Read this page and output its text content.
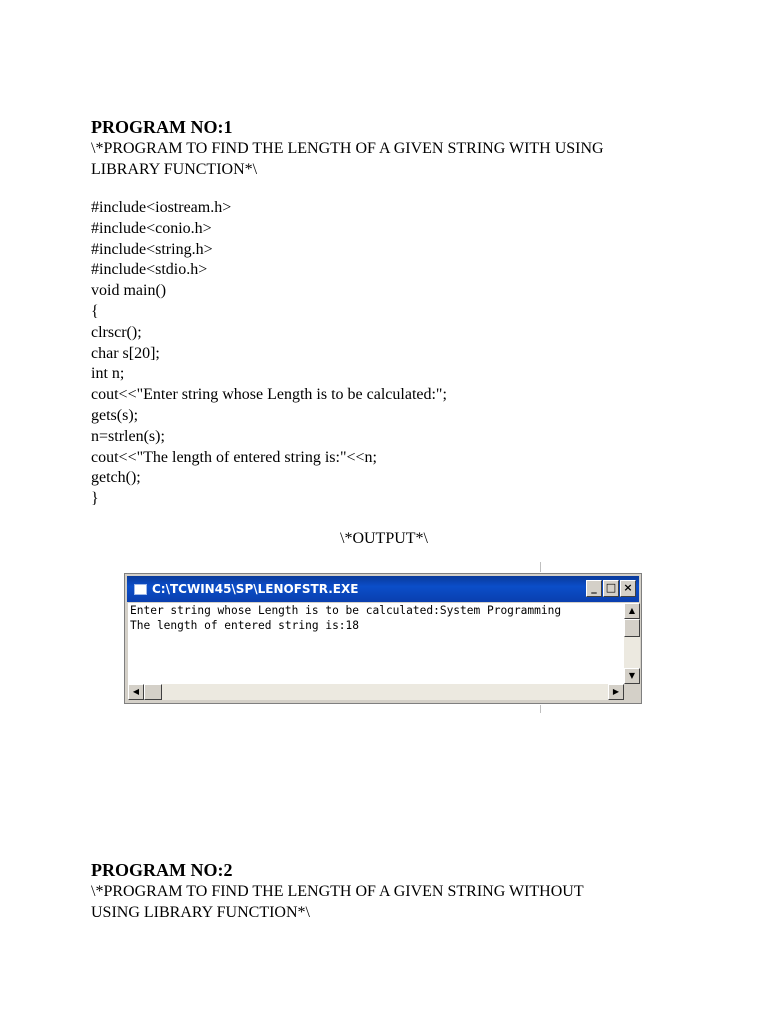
PROGRAM NO:1
\*PROGRAM TO FIND THE LENGTH OF A GIVEN STRING WITH USING
LIBRARY FUNCTION*\
#include<iostream.h>
#include<conio.h>
#include<string.h>
#include<stdio.h>
void main()
{
clrscr();
char s[20];
int n;
cout<<"Enter string whose Length is to be calculated:";
gets(s);
n=strlen(s);
cout<<"The length of entered string is:"<<n;
getch();
}
\*OUTPUT*\
C:\TCWIN45\SP\LENOFSTR.EXE	_ □ ×
Enter string whose Length is to be calculated:System Programming
The length of entered string is:18
▲
▼
◀	▶
PROGRAM NO:2
\*PROGRAM TO FIND THE LENGTH OF A GIVEN STRING WITHOUT
USING LIBRARY FUNCTION*\
